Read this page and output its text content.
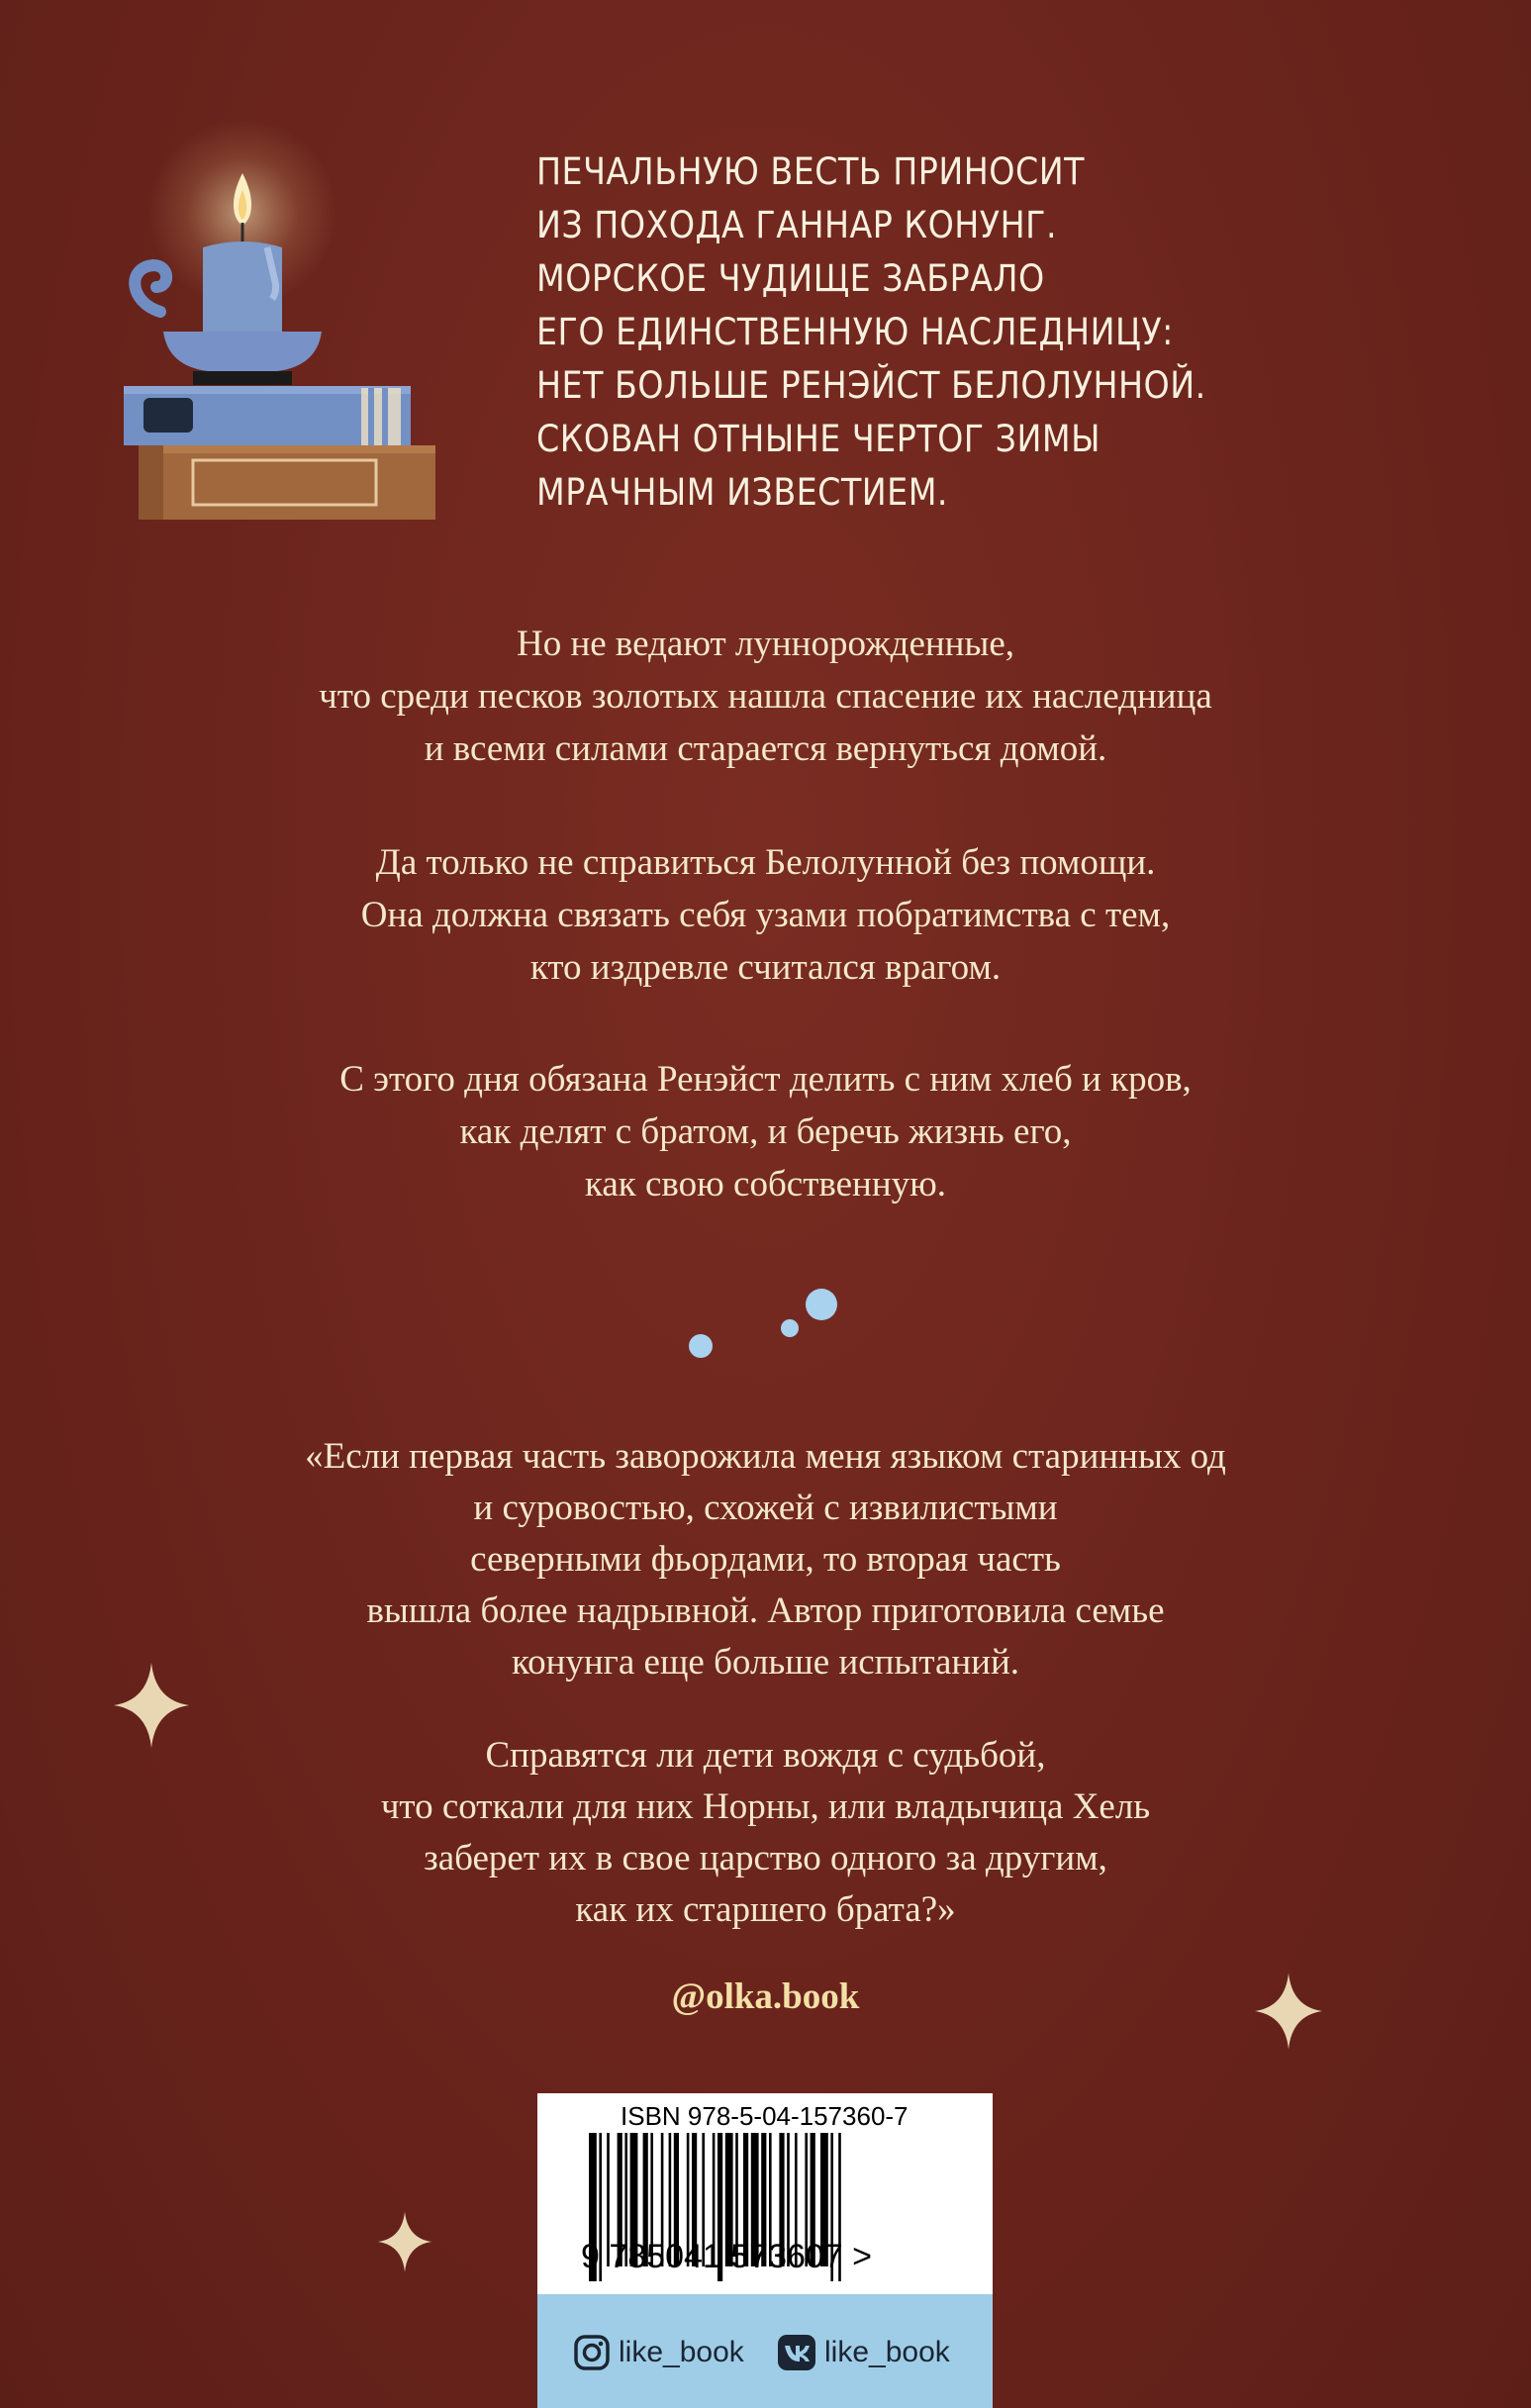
ПЕЧАЛЬНУЮ ВЕСТЬ ПРИНОСИТ
ИЗ ПОХОДА ГАННАР КОНУНГ.
МОРСКОЕ ЧУДИЩЕ ЗАБРАЛО
ЕГО ЕДИНСТВЕННУЮ НАСЛЕДНИЦУ:
НЕТ БОЛЬШЕ РЕНЭЙСТ БЕЛОЛУННОЙ.
СКОВАН ОТНЫНЕ ЧЕРТОГ ЗИМЫ
МРАЧНЫМ ИЗВЕСТИЕМ.
Но не ведают луннорожденные,
что среди песков золотых нашла спасение их наследница
и всеми силами старается вернуться домой.
Да только не справиться Белолунной без помощи.
Она должна связать себя узами побратимства с тем,
кто издревле считался врагом.
С этого дня обязана Ренэйст делить с ним хлеб и кров,
как делят с братом, и беречь жизнь его,
как свою собственную.
«Если первая часть заворожила меня языком старинных од
и суровостью, схожей с извилистыми
северными фьордами, то вторая часть
вышла более надрывной. Автор приготовила семье
конунга еще больше испытаний.
Справятся ли дети вождя с судьбой,
что соткали для них Норны, или владычица Хель
заберет их в свое царство одного за другим,
как их старшего брата?»
@olka.book
ISBN 978-5-04-157360-7
9 785041 573607 >
like_book	like_book
